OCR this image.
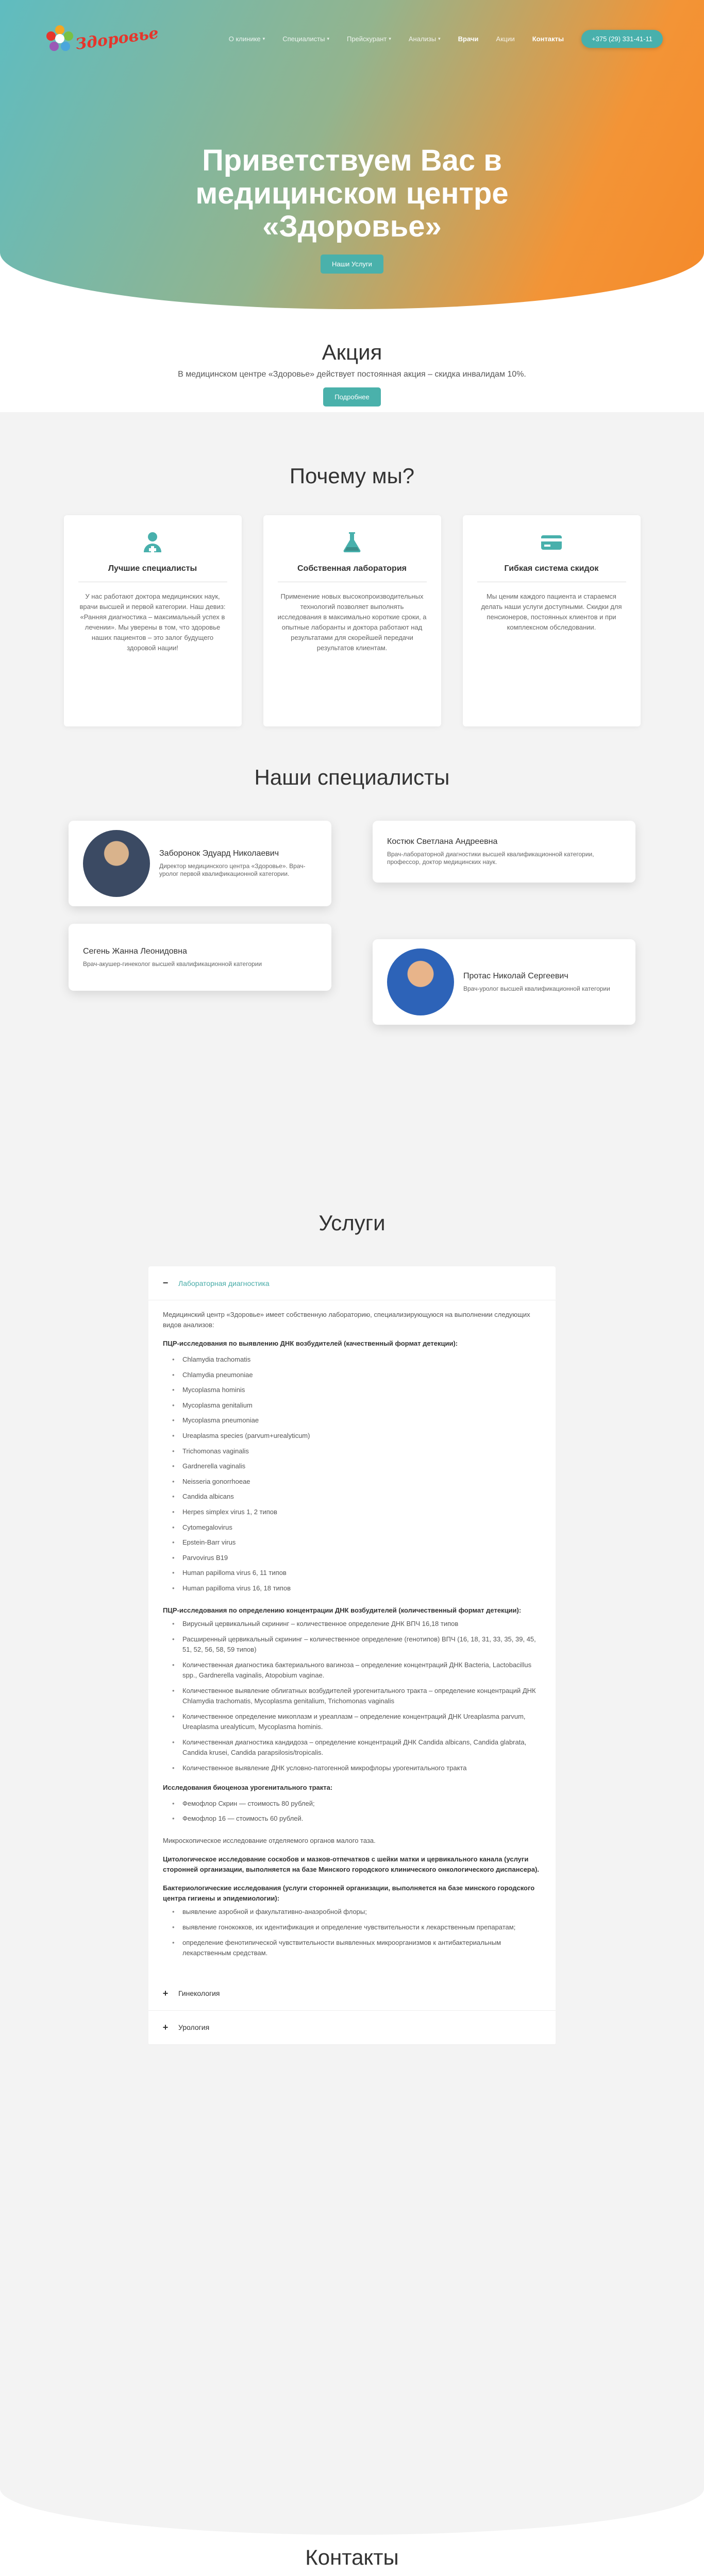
Здоровье	О клинике ▾	Специалисты ▾	Прейскурант ▾	Анализы ▾	Врачи	Акции	Контакты	+375 (29) 331-41-11
Приветствуем Вас в
медицинском центре
«Здоровье»
Наши Услуги
Акция

В медицинском центре «Здоровье» действует постоянная акция – скидка инвалидам 10%.

Подробнее
Почему мы?
Лучшие специалисты
У нас работают доктора медицинских наук, врачи высшей и первой категории. Наш девиз: «Ранняя диагностика – максимальный успех в лечении». Мы уверены в том, что здоровье наших пациентов – это залог будущего здоровой нации!
Собственная лаборатория
Применение новых высокопроизводительных технологий позволяет выполнять исследования в максимально короткие сроки, а опытные лаборанты и доктора работают над результатами для скорейшей передачи результатов клиентам.
Гибкая система скидок
Мы ценим каждого пациента и стараемся делать наши услуги доступными. Скидки для пенсионеров, постоянных клиентов и при комплексном обследовании.
Наши специалисты
Заборонок Эдуард Николаевич
Директор медицинского центра «Здоровье». Врач-уролог первой квалификационной категории.
Костюк Светлана Андреевна
Врач-лабораторной диагностики высшей квалификационной категории, профессор, доктор медицинских наук.
Сегень Жанна Леонидовна
Врач-акушер-гинеколог высшей квалификационной категории
Протас Николай Сергеевич
Врач-уролог высшей квалификационной категории
Услуги
− Лабораторная диагностика

Медицинский центр «Здоровье» имеет собственную лабораторию, специализирующуюся на выполнении следующих видов анализов:

ПЦР-исследования по выявлению ДНК возбудителей (качественный формат детекции):
• Chlamydia trachomatis
• Chlamydia pneumoniae
• Mycoplasma hominis
• Mycoplasma genitalium
• Mycoplasma pneumoniae
• Ureaplasma species (parvum+urealyticum)
• Trichomonas vaginalis
• Gardnerella vaginalis
• Neisseria gonorrhoeae
• Candida albicans
• Herpes simplex virus 1, 2 типов
• Cytomegalovirus
• Epstein-Barr virus
• Parvovirus B19
• Human papilloma virus 6, 11 типов
• Human papilloma virus 16, 18 типов
ПЦР-исследования по определению концентрации ДНК возбудителей (количественный формат детекции):
• Вирусный цервикальный скрининг – количественное определение ДНК ВПЧ 16,18 типов
• Расширенный цервикальный скрининг – количественное определение (генотипов) ВПЧ (16, 18, 31, 33, 35, 39, 45, 51, 52, 56, 58, 59 типов)
• Количественная диагностика бактериального вагиноза – определение концентраций ДНК Bacteria, Lactobacillus spp., Gardnerella vaginalis, Atopobium vaginae.
• Количественное выявление облигатных возбудителей урогенитального тракта – определение концентраций ДНК Chlamydia trachomatis, Mycoplasma genitalium, Trichomonas vaginalis
• Количественное определение микоплазм и уреаплазм – определение концентраций ДНК Ureaplasma parvum, Ureaplasma urealyticum, Mycoplasma hominis.
• Количественная диагностика кандидоза – определение концентраций ДНК Candida albicans, Candida glabrata, Candida krusei, Candida parapsilosis/tropicalis.
• Количественное выявление ДНК условно-патогенной микрофлоры урогенитального тракта
Исследования биоценоза урогенитального тракта:
• Фемофлор Скрин — стоимость 80 рублей;
• Фемофлор 16 — стоимость 60 рублей.

Микроскопическое исследование отделяемого органов малого таза.

Цитологическое исследование соскобов и мазков-отпечатков с шейки матки и цервикального канала (услуги сторонней организации, выполняется на базе Минского городского клинического онкологического диспансера).

Бактериологические исследования (услуги сторонней организации, выполняется на базе минского городского центра гигиены и эпидемиологии):
• выявление аэробной и факультативно-анаэробной флоры;
• выявление гонококков, их идентификация и определение чувствительности к лекарственным препаратам;
• определение фенотипической чувствительности выявленных микроорганизмов к антибактериальным лекарственным средствам.
+ Гинекология
+ Урология
Контакты
